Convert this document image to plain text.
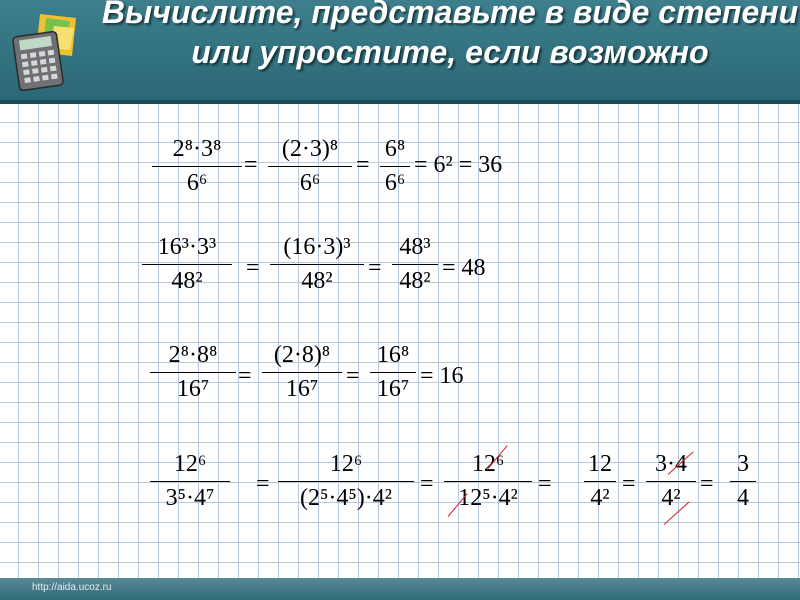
Вычислите, представьте в виде степени или упростите, если возможно
2⁸·3⁸
6⁶
=
(2·3)⁸
6⁶
=
6⁸
6⁶
= 6² = 36
16³·3³
48²	=
(16·3)³
48²	=
48³
48² = 48
2⁸·8⁸
16⁷	=
(2·8)⁸
16⁷	=
16⁸
16⁷ = 16
12⁶
3⁵·4⁷
=
12⁶
(2⁵·4⁵)·4²
=
12⁶
12⁵·4²
=
12
4²
=
3·4
4²
=
3
4
http://aida.ucoz.ru
